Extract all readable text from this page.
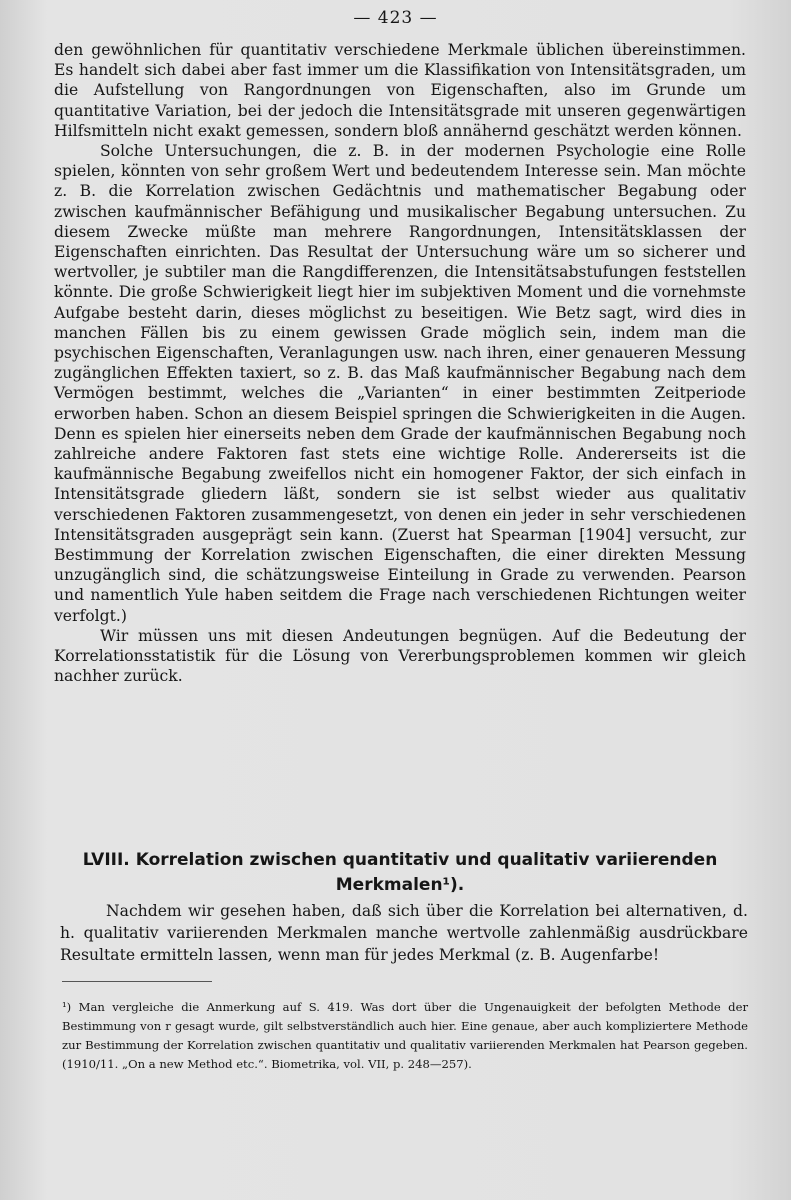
— 423 —

den gewöhnlichen für quantitativ verschiedene Merkmale üblichen übereinstimmen. Es handelt sich dabei aber fast immer um die Klassifikation von Intensitätsgraden, um die Aufstellung von Rangordnungen von Eigenschaften, also im Grunde um quantitative Variation, bei der jedoch die Intensitätsgrade mit unseren gegenwärtigen Hilfsmitteln nicht exakt gemessen, sondern bloß annähernd geschätzt werden können.

Solche Untersuchungen, die z. B. in der modernen Psychologie eine Rolle spielen, könnten von sehr großem Wert und bedeutendem Interesse sein. Man möchte z. B. die Korrelation zwischen Gedächtnis und mathematischer Begabung oder zwischen kaufmännischer Befähigung und musikalischer Begabung untersuchen. Zu diesem Zwecke müßte man mehrere Rangordnungen, Intensitätsklassen der Eigenschaften einrichten. Das Resultat der Untersuchung wäre um so sicherer und wertvoller, je subtiler man die Rangdifferenzen, die Intensitätsabstufungen feststellen könnte. Die große Schwierigkeit liegt hier im subjektiven Moment und die vornehmste Aufgabe besteht darin, dieses möglichst zu beseitigen. Wie Betz sagt, wird dies in manchen Fällen bis zu einem gewissen Grade möglich sein, indem man die psychischen Eigenschaften, Veranlagungen usw. nach ihren, einer genaueren Messung zugänglichen Effekten taxiert, so z. B. das Maß kaufmännischer Begabung nach dem Vermögen bestimmt, welches die „Varianten“ in einer bestimmten Zeitperiode erworben haben. Schon an diesem Beispiel springen die Schwierigkeiten in die Augen. Denn es spielen hier einerseits neben dem Grade der kaufmännischen Begabung noch zahlreiche andere Faktoren fast stets eine wichtige Rolle. Andererseits ist die kaufmännische Begabung zweifellos nicht ein homogener Faktor, der sich einfach in Intensitätsgrade gliedern läßt, sondern sie ist selbst wieder aus qualitativ verschiedenen Faktoren zusammengesetzt, von denen ein jeder in sehr verschiedenen Intensitätsgraden ausgeprägt sein kann. (Zuerst hat Spearman [1904] versucht, zur Bestimmung der Korrelation zwischen Eigenschaften, die einer direkten Messung unzugänglich sind, die schätzungsweise Einteilung in Grade zu verwenden. Pearson und namentlich Yule haben seitdem die Frage nach verschiedenen Richtungen weiter verfolgt.)

Wir müssen uns mit diesen Andeutungen begnügen. Auf die Bedeutung der Korrelationsstatistik für die Lösung von Vererbungsproblemen kommen wir gleich nachher zurück.

LVIII. Korrelation zwischen quantitativ und qualitativ variierenden Merkmalen¹).

Nachdem wir gesehen haben, daß sich über die Korrelation bei alternativen, d. h. qualitativ variierenden Merkmalen manche wertvolle zahlenmäßig ausdrückbare Resultate ermitteln lassen, wenn man für jedes Merkmal (z. B. Augenfarbe!

¹) Man vergleiche die Anmerkung auf S. 419. Was dort über die Ungenauigkeit der befolgten Methode der Bestimmung von r gesagt wurde, gilt selbstverständlich auch hier. Eine genaue, aber auch kompliziertere Methode zur Bestimmung der Korrelation zwischen quantitativ und qualitativ variierenden Merkmalen hat Pearson gegeben. (1910/11. „On a new Method etc.“. Biometrika, vol. VII, p. 248—257).
